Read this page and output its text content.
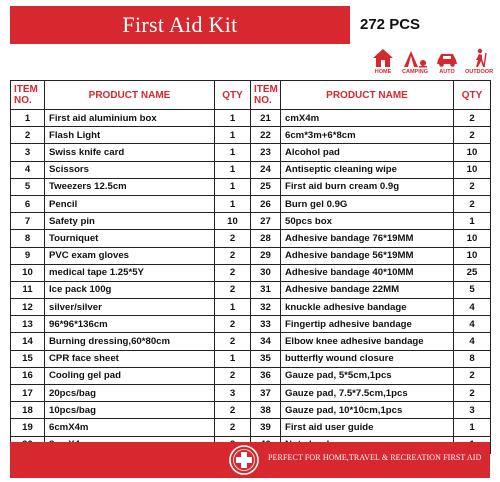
First Aid Kit	272 PCS
HOME	CAMPING	AUTO	OUTDOOR
ITEM
NO.	PRODUCT NAME	QTY	ITEM
NO.	PRODUCT NAME	QTY
1	First aid aluminium box	1	21	cmX4m	2
2	Flash Light	1	22	6cm*3m+6*8cm	2
3	Swiss knife card	1	23	Alcohol pad	10
4	Scissors	1	24	Antiseptic cleaning wipe	10
5	Tweezers 12.5cm	1	25	First aid burn cream 0.9g	2
6	Pencil	1	26	Burn gel 0.9G	2
7	Safety pin	10	27	50pcs box	1
8	Tourniquet	2	28	Adhesive bandage 76*19MM	10
9	PVC exam gloves	2	29	Adhesive bandage 56*19MM	10
10	medical tape 1.25*5Y	2	30	Adhesive bandage 40*10MM	25
11	Ice pack 100g	2	31	Adhesive bandage 22MM	5
12	silver/silver	1	32	knuckle adhesive bandage	4
13	96*96*136cm	2	33	Fingertip adhesive bandage	4
14	Burning dressing,60*80cm	2	34	Elbow knee adhesive bandage	4
15	CPR face sheet	1	35	butterfly wound closure	8
16	Cooling gel pad	2	36	Gauze pad, 5*5cm,1pcs	2
17	20pcs/bag	3	37	Gauze pad, 7.5*7.5cm,1pcs	2
18	10pcs/bag	2	38	Gauze pad, 10*10cm,1pcs	3
19	6cmX4m	2	39	First aid user guide	1

PERFECT FOR HOME,TRAVEL & RECREATION FIRST AID
